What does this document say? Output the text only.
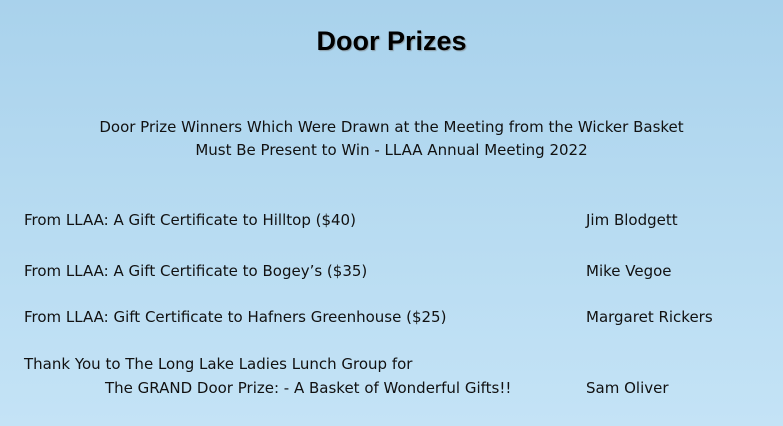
Door Prizes
Door Prize Winners Which Were Drawn at the Meeting from the Wicker Basket
Must Be Present to Win - LLAA Annual Meeting 2022
From LLAA: A Gift Certificate to Hilltop ($40)	Jim Blodgett
From LLAA: A Gift Certificate to Bogey’s ($35)	Mike Vegoe
From LLAA: Gift Certificate to Hafners Greenhouse ($25)	Margaret Rickers
Thank You to The Long Lake Ladies Lunch Group for
The GRAND Door Prize: - A Basket of Wonderful Gifts!!	Sam Oliver
